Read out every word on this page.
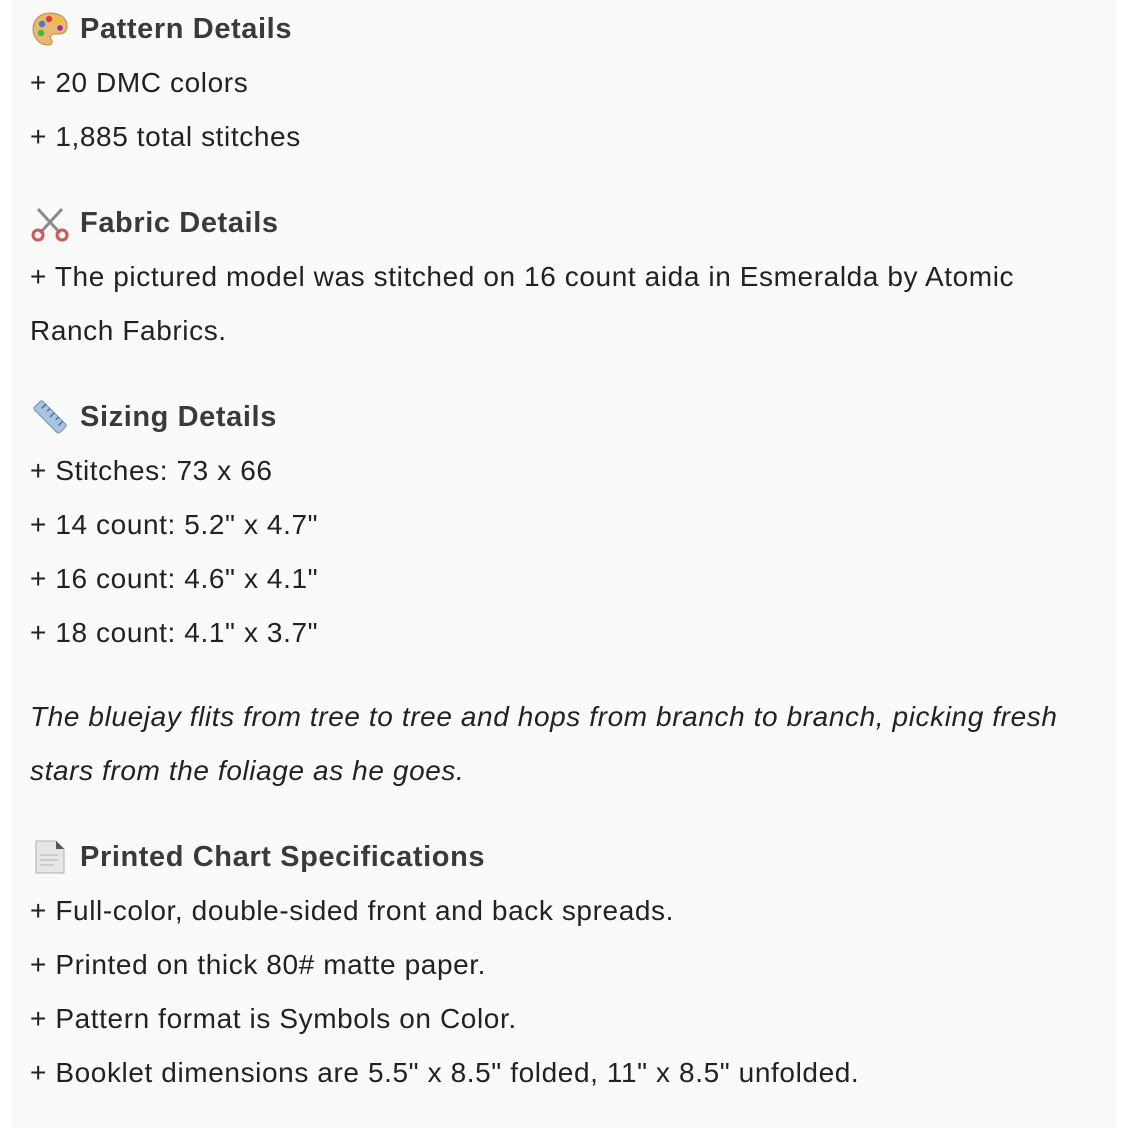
Pattern Details
+ 20 DMC colors
+ 1,885 total stitches
Fabric Details
+ The pictured model was stitched on 16 count aida in Esmeralda by Atomic Ranch Fabrics.
Sizing Details
+ Stitches: 73 x 66
+ 14 count: 5.2" x 4.7"
+ 16 count: 4.6" x 4.1"
+ 18 count: 4.1" x 3.7"
The bluejay flits from tree to tree and hops from branch to branch, picking fresh stars from the foliage as he goes.
Printed Chart Specifications
+ Full-color, double-sided front and back spreads.
+ Printed on thick 80# matte paper.
+ Pattern format is Symbols on Color.
+ Booklet dimensions are 5.5" x 8.5" folded, 11" x 8.5" unfolded.
